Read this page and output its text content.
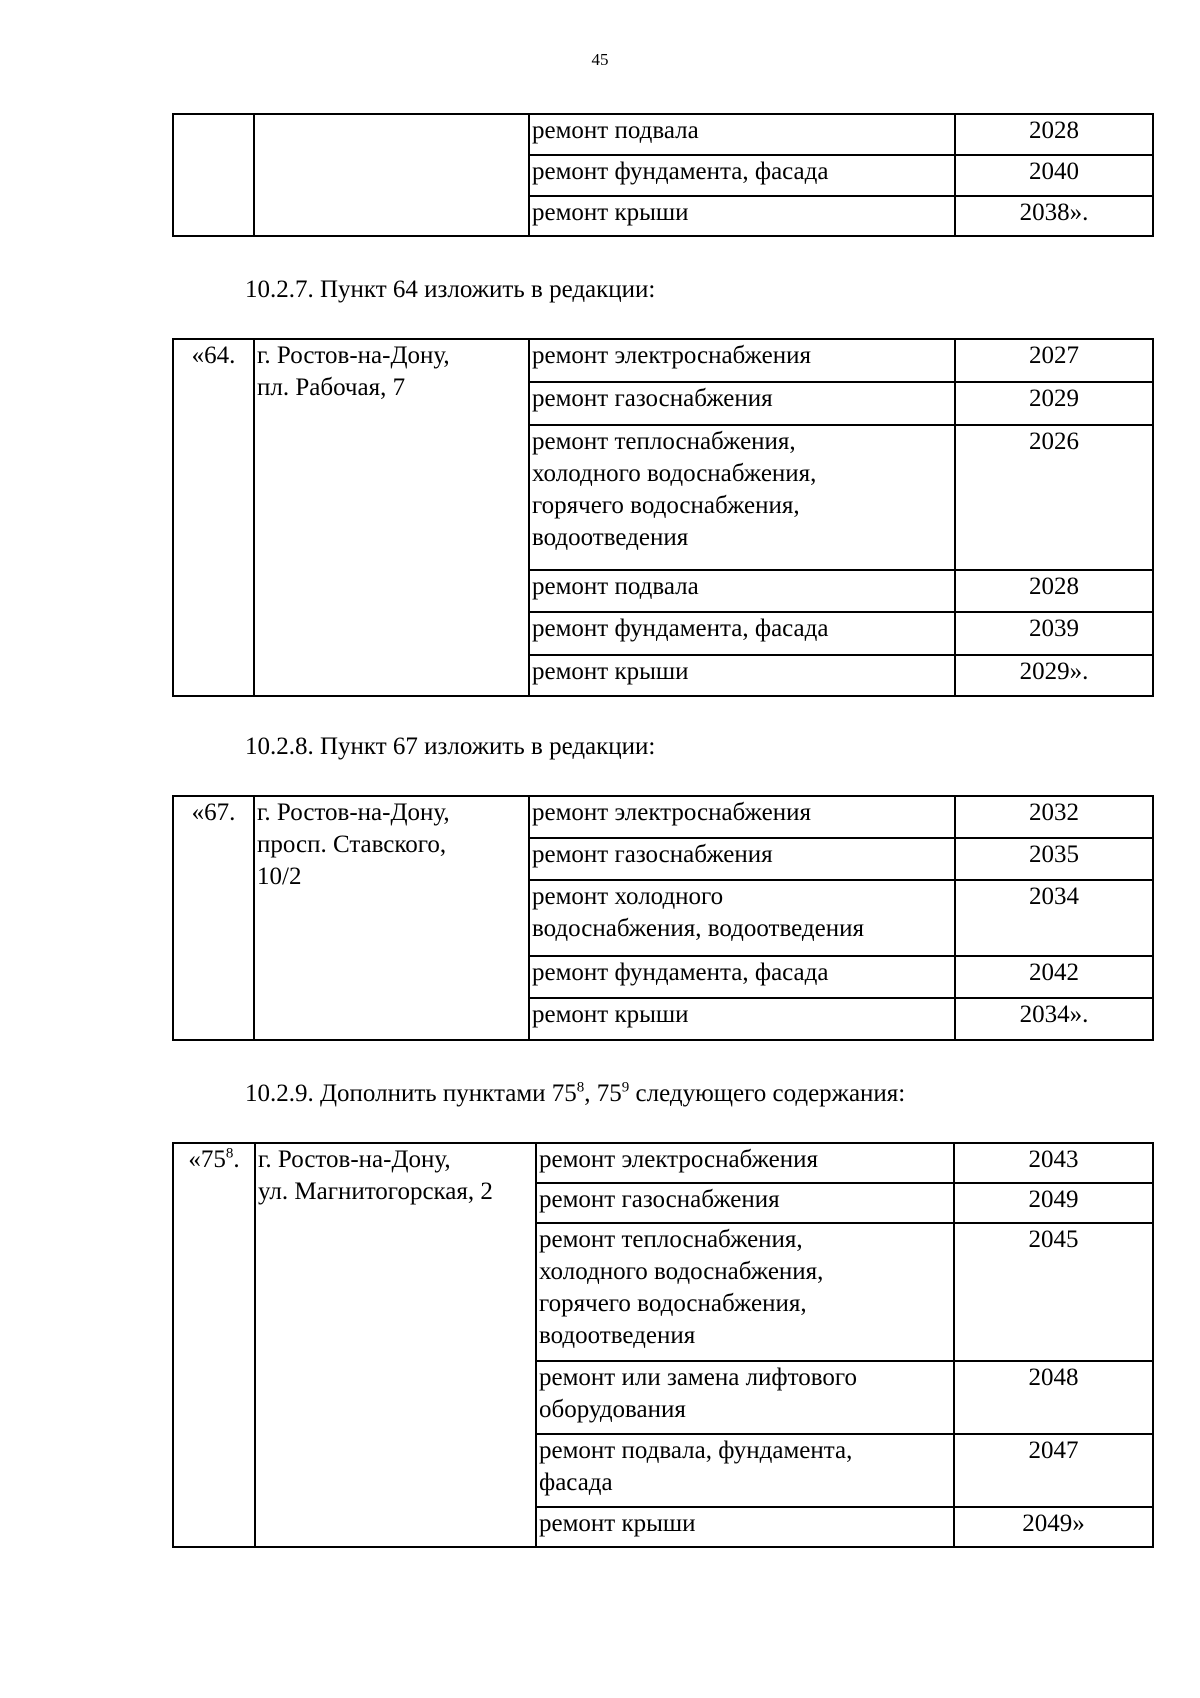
45
		ремонт подвала	2028
		ремонт фундамента, фасада	2040
		ремонт крыши	2038».

10.2.7. Пункт 64 изложить в редакции:

«64.	г. Ростов-на-Дону,
пл. Рабочая, 7	ремонт электроснабжения	2027
		ремонт газоснабжения	2029

		ремонт теплоснабжения,
холодного водоснабжения,
горячего водоснабжения,
водоотведения	2026
		ремонт подвала	2028
		ремонт фундамента, фасада	2039
		ремонт крыши	2029».

10.2.8. Пункт 67 изложить в редакции:

«67.	г. Ростов-на-Дону,
просп. Ставского,
10/2	ремонт электроснабжения	2032
		ремонт газоснабжения	2035

		ремонт холодного
водоснабжения, водоотведения	2034
		ремонт фундамента, фасада	2042
		ремонт крыши	2034».

10.2.9. Дополнить пунктами $75^8$, $75^9$ следующего содержания:

«$75^8$.	г. Ростов-на-Дону,
ул. Магнитогорская, 2	ремонт электроснабжения	2043
		ремонт газоснабжения	2049

		ремонт теплоснабжения,
холодного водоснабжения,
горячего водоснабжения,
водоотведения	2045

		ремонт или замена лифтового
оборудования	2048

		ремонт подвала, фундамента,
фасада	2047
		ремонт крыши	2049»
